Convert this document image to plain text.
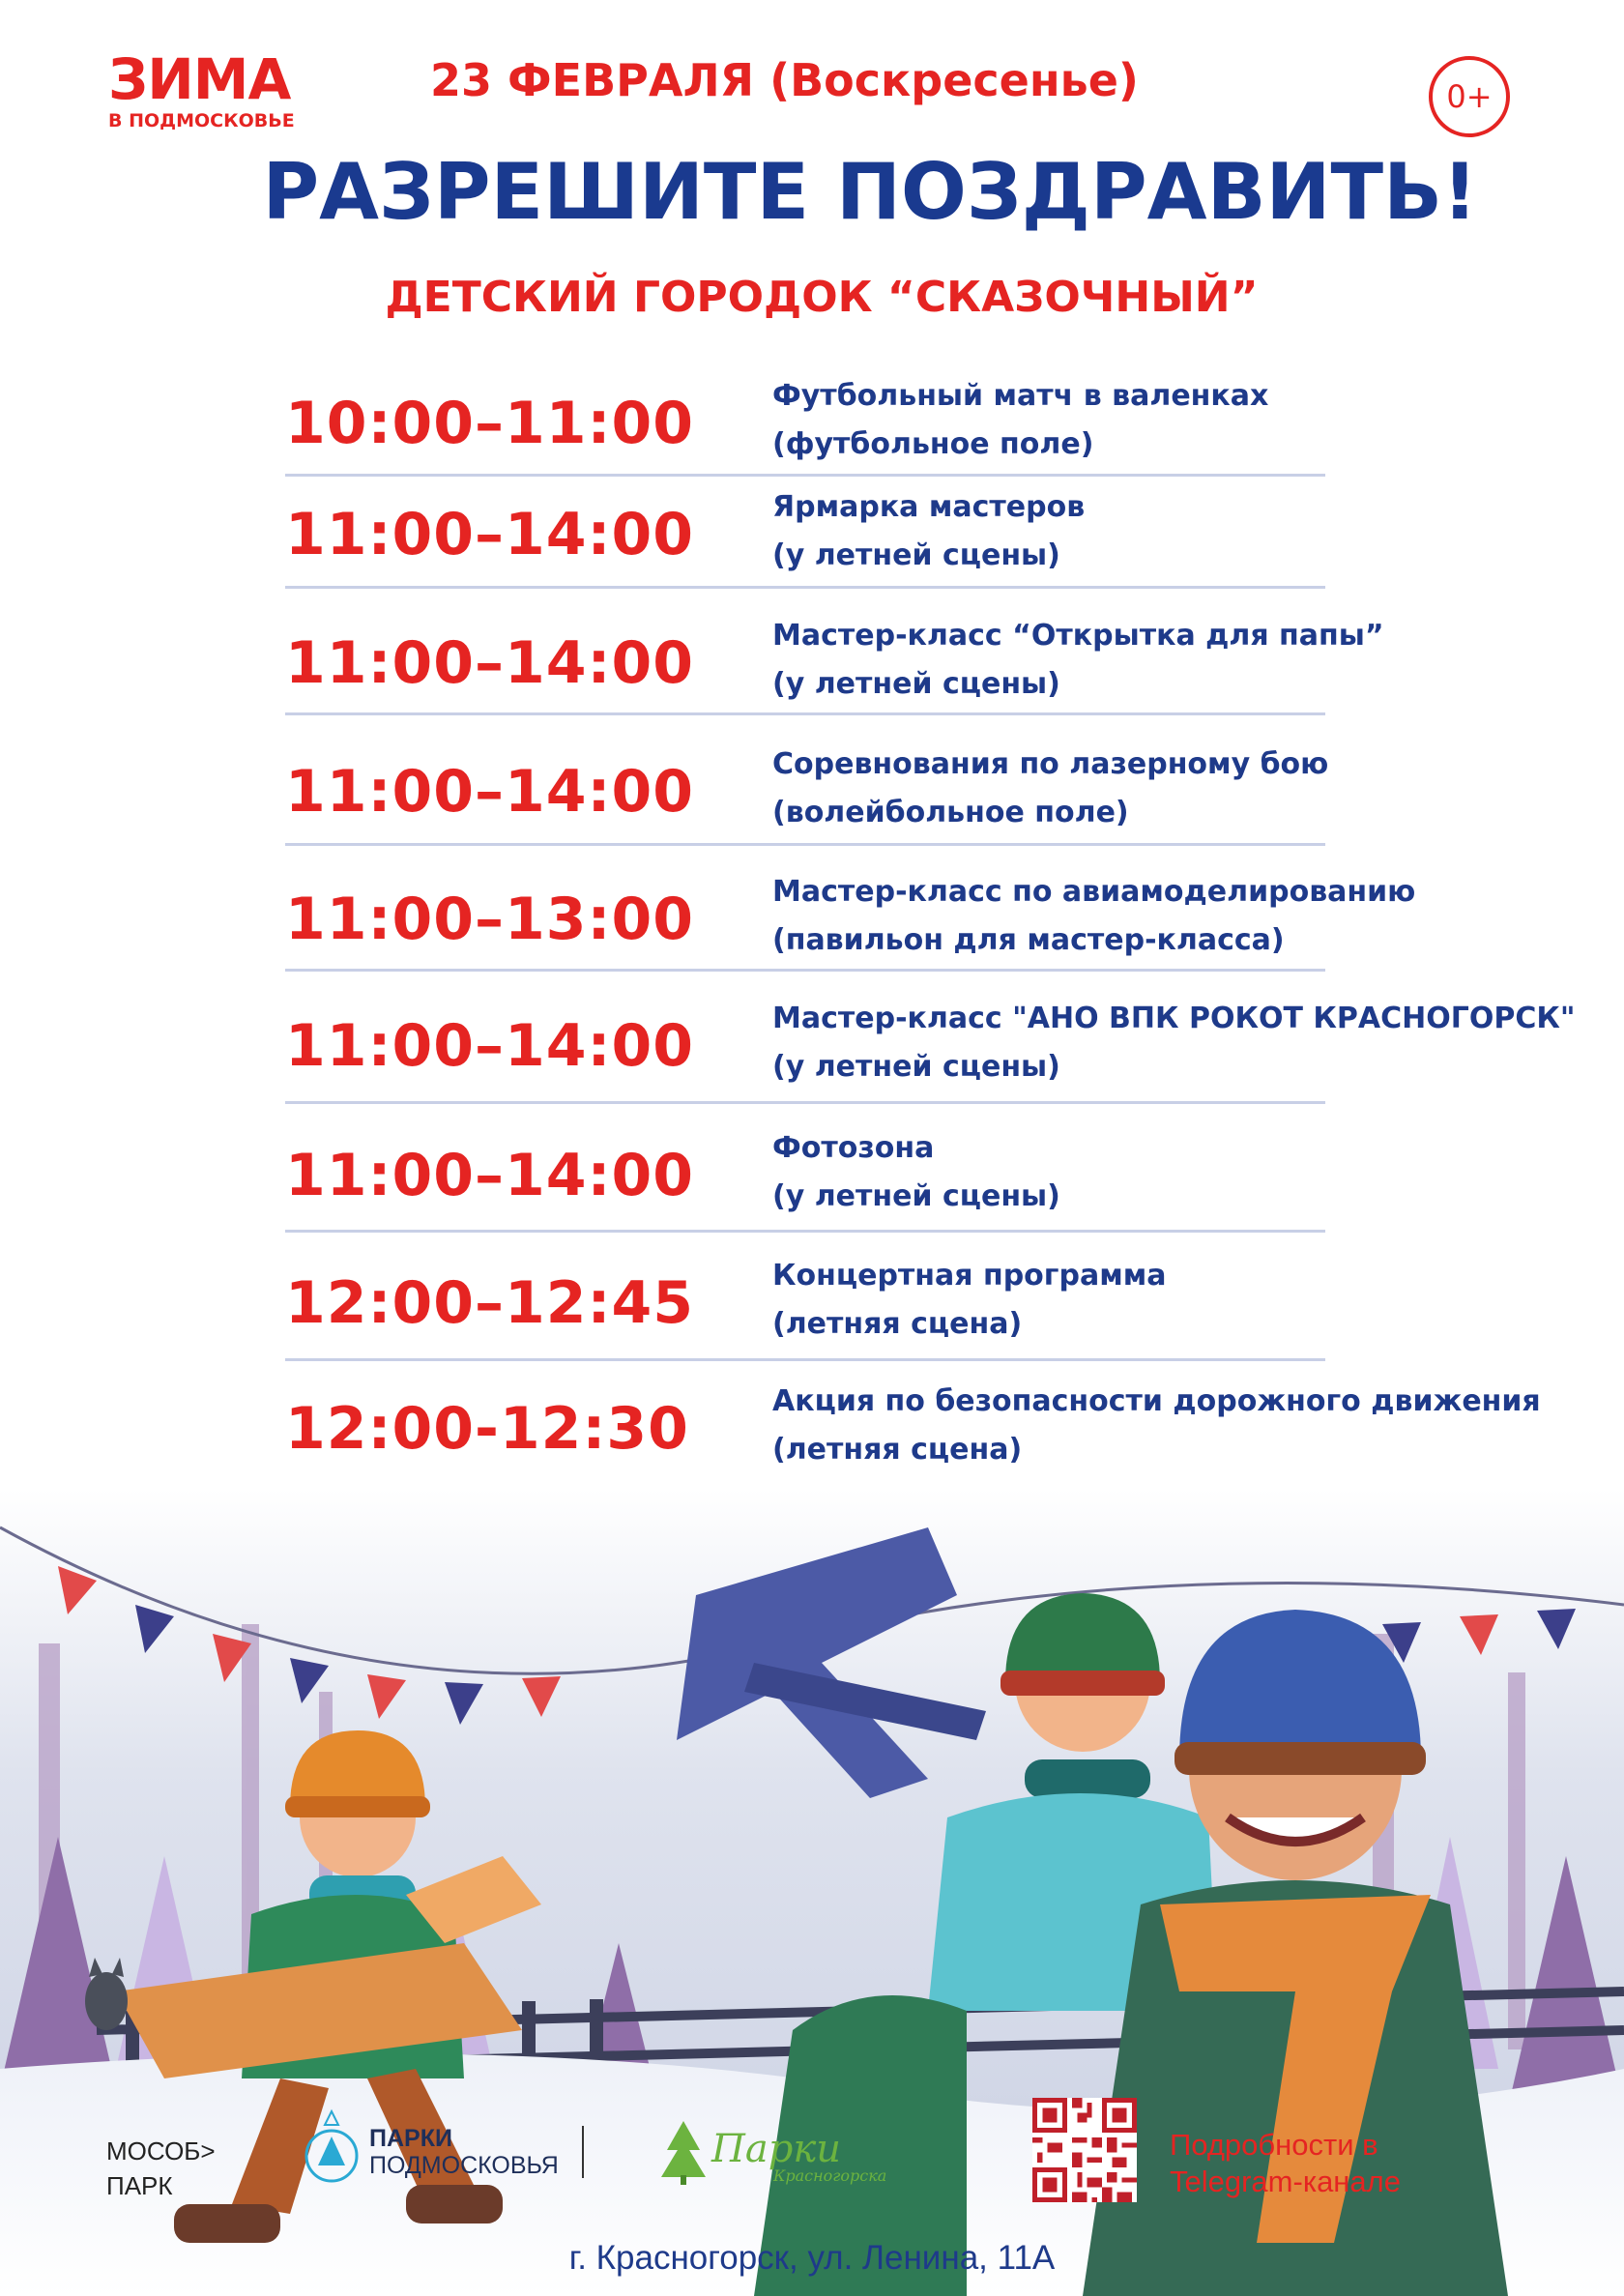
ЗИМА
В ПОДМОСКОВЬЕ
23 ФЕВРАЛЯ (Воскресенье)	0+
РАЗРЕШИТЕ ПОЗДРАВИТЬ!
ДЕТСКИЙ ГОРОДОК “СКАЗОЧНЫЙ”
10:00–11:00	Футбольный матч в валенках
(футбольное поле)
11:00–14:00	Ярмарка мастеров
(у летней сцены)
11:00–14:00	Мастер-класс “Открытка для папы”
(у летней сцены)
11:00–14:00	Соревнования по лазерному бою
(волейбольное поле)
11:00–13:00	Мастер-класс по авиамоделированию
(павильон для мастер-класса)
11:00–14:00	Мастер-класс "АНО ВПК РОКОТ КРАСНОГОРСК"
(у летней сцены)
11:00–14:00	Фотозона
(у летней сцены)
12:00–12:45	Концертная программа
(летняя сцена)
12:00-12:30	Акция по безопасности дорожного движения
(летняя сцена)
МОСОБ>
ПАРК
ПАРКИ
ПОДМОСКОВЬЯ	Парки
Красногорска
Подробности в
Telegram-канале
г. Красногорск, ул. Ленина, 11А
